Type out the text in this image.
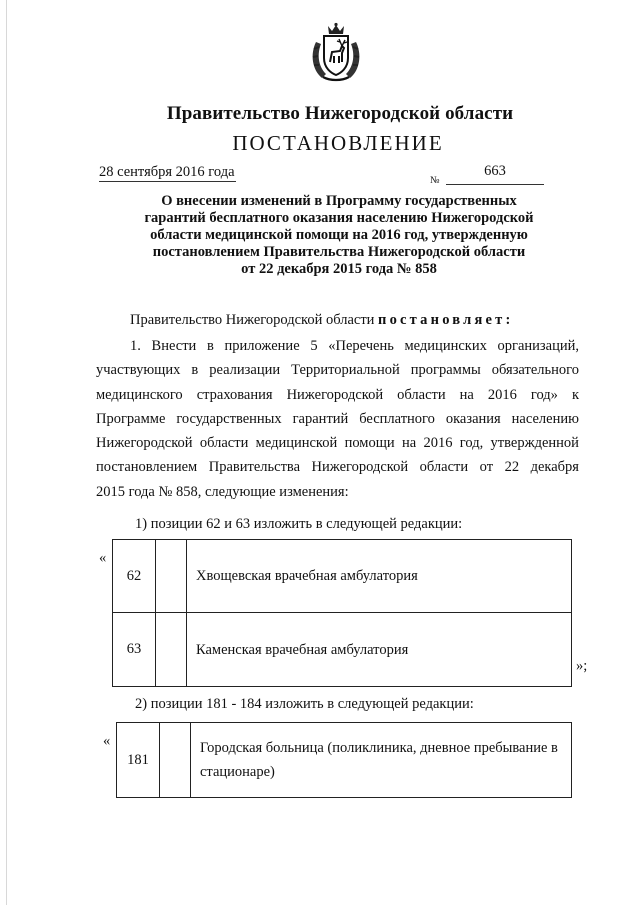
Правительство Нижегородской области
ПОСТАНОВЛЕНИЕ
28 сентября 2016 года
№
663
О внесении изменений в Программу государственных
гарантий бесплатного оказания населению Нижегородской
области медицинской помощи на 2016 год, утвержденную
постановлением Правительства Нижегородской области
от 22 декабря 2015 года № 858
Правительство Нижегородской области постановляет:
1. Внести в приложение 5 «Перечень медицинских организаций,
участвующих в реализации Территориальной программы обязательного
медицинского страхования Нижегородской области на 2016 год» к
Программе государственных гарантий бесплатного оказания населению
Нижегородской области медицинской помощи на 2016 год, утвержденной
постановлением Правительства Нижегородской области от 22 декабря
2015 года № 858, следующие изменения:
1) позиции 62 и 63 изложить в следующей редакции:
«
62		Хвощевская врачебная амбулатория
63		Каменская врачебная амбулатория
»;
2) позиции 181 - 184 изложить в следующей редакции:
«
181		Городская больница (поликлиника, дневное пребывание в стационаре)
